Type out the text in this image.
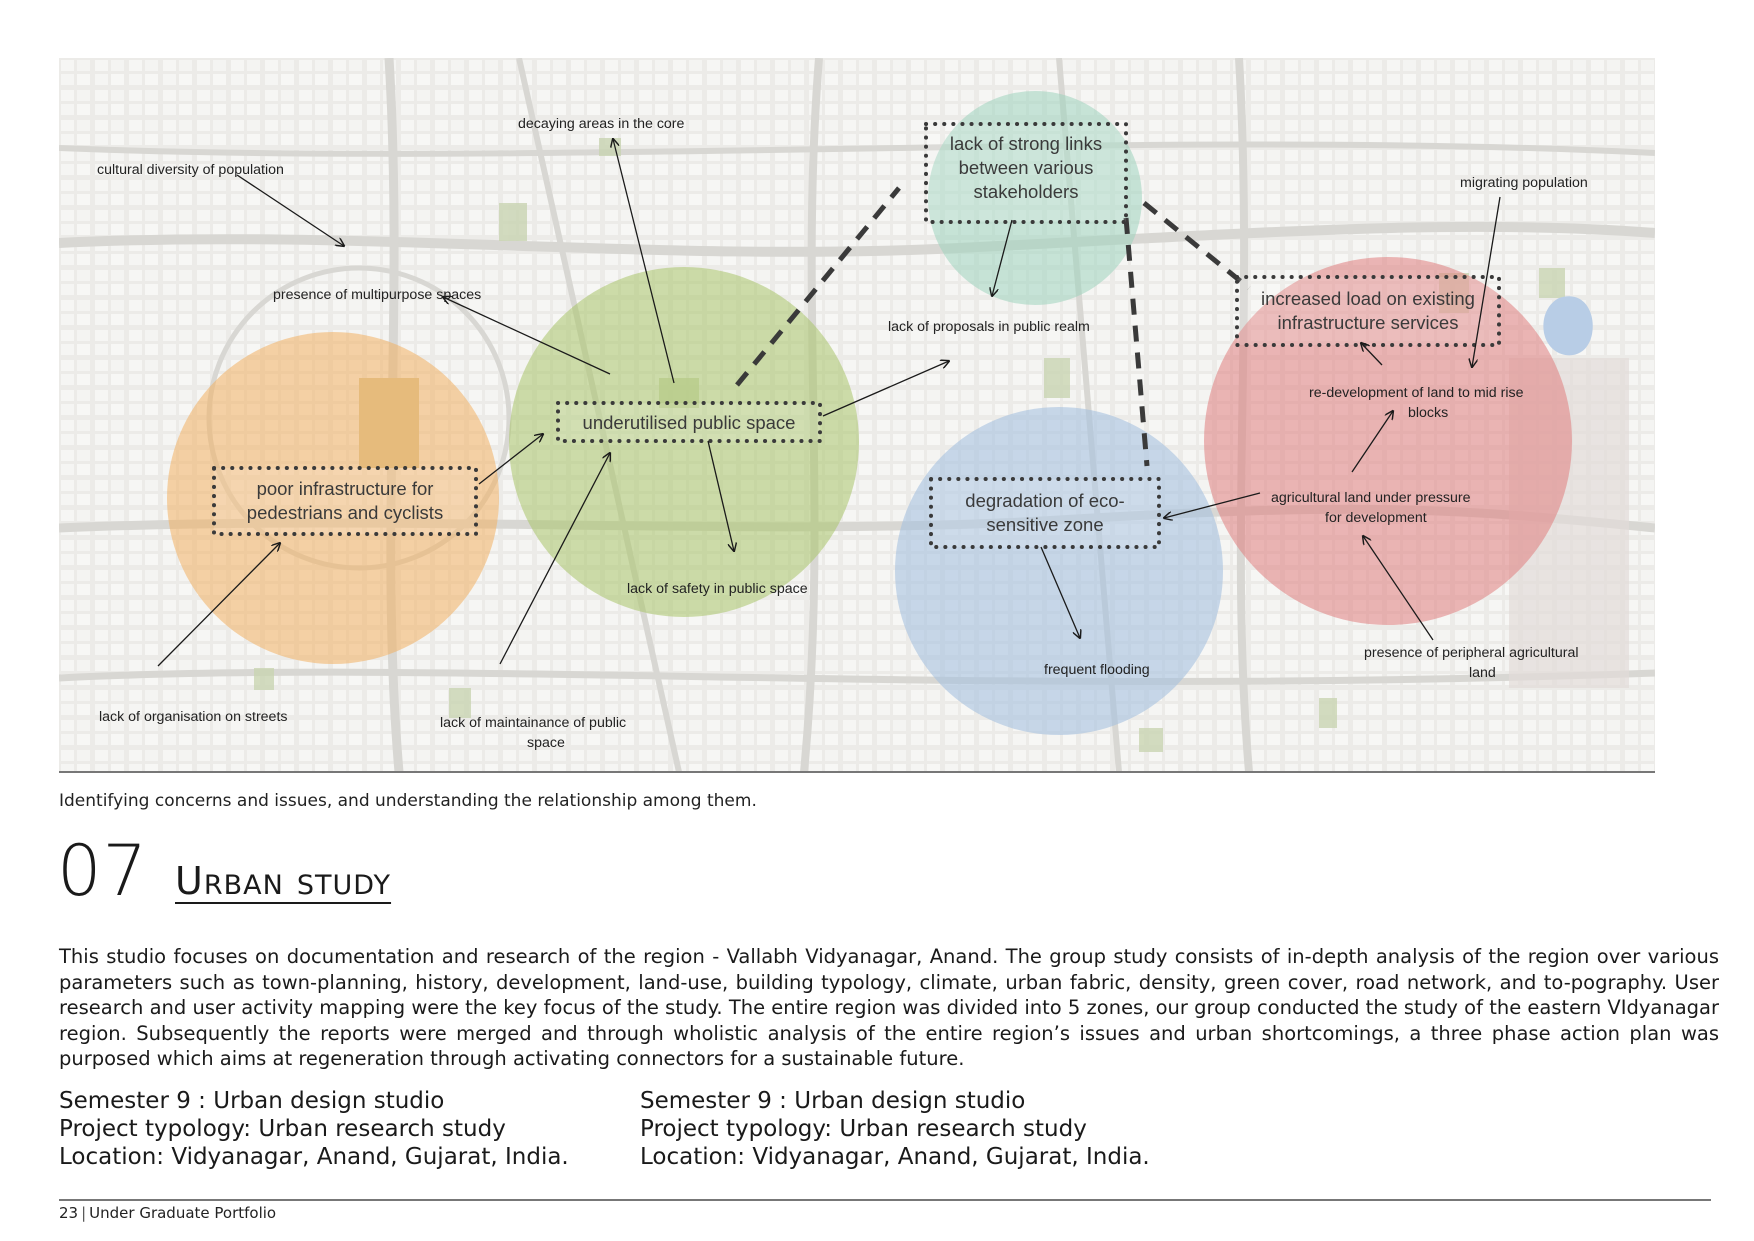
poor infrastructure for
pedestrians and cyclists
underutilised public space
lack of strong links
between various
stakeholders
degradation of eco-
sensitive zone
increased load on existing
infrastructure services
cultural diversity of population
decaying areas in the core
presence of multipurpose spaces
lack of organisation on streets	lack of maintainance of public
space
lack of safety in public space
lack of proposals in public realm
migrating population
re-development of land to mid rise
blocks
agricultural land under pressure
for development
frequent flooding
presence of peripheral agricultural
land
Identifying concerns and issues, and understanding the relationship among them.
07 Urban study
This studio focuses on documentation and research of the region - Vallabh Vidyanagar, Anand. The group study consists of in-depth analysis of the region over various parameters such as town-planning, history, development, land-use, building typology, climate, urban fabric, density, green cover, road network, and to-pography. User research and user activity mapping were the key focus of the study. The entire region was divided into 5 zones, our group conducted the study of the eastern VIdyanagar region. Subsequently the reports were merged and through wholistic analysis of the entire region’s issues and urban shortcomings, a three phase action plan was purposed which aims at regeneration through activating connectors for a sustainable future.
Semester 9 : Urban design studio
Project typology: Urban research study
Location: Vidyanagar, Anand, Gujarat, India.
Semester 9 : Urban design studio
Project typology: Urban research study
Location: Vidyanagar, Anand, Gujarat, India.
23 | Under Graduate Portfolio
